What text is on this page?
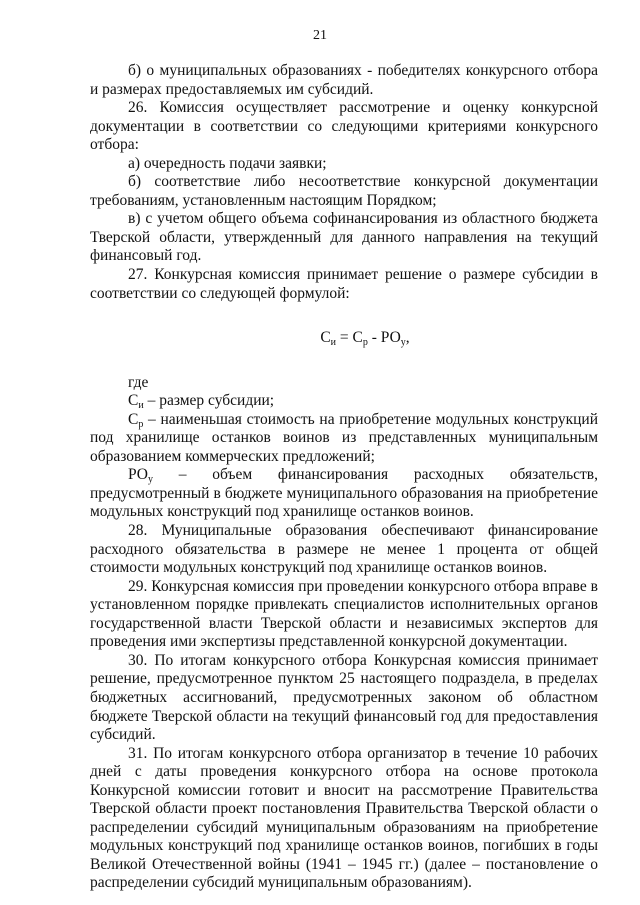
21

б) о муниципальных образованиях - победителях конкурсного отбора и размерах предоставляемых им субсидий.

26. Комиссия осуществляет рассмотрение и оценку конкурсной документации в соответствии со следующими критериями конкурсного отбора:

а) очередность подачи заявки;

б) соответствие либо несоответствие конкурсной документации требованиям, установленным настоящим Порядком;

в) с учетом общего объема софинансирования из областного бюджета Тверской области, утвержденный для данного направления на текущий финансовый год.

27. Конкурсная комиссия принимает решение о размере субсидии в соответствии со следующей формулой:

$С_и = С_р - РО_у$,

где

$С_и$ – размер субсидии;

$С_р$ – наименьшая стоимость на приобретение модульных конструкций под хранилище останков воинов из представленных муниципальным образованием коммерческих предложений;

$РО_у$ – объем финансирования расходных обязательств, предусмотренный в бюджете муниципального образования на приобретение модульных конструкций под хранилище останков воинов.

28. Муниципальные образования обеспечивают финансирование расходного обязательства в размере не менее 1 процента от общей стоимости модульных конструкций под хранилище останков воинов.

29. Конкурсная комиссия при проведении конкурсного отбора вправе в установленном порядке привлекать специалистов исполнительных органов государственной власти Тверской области и независимых экспертов для проведения ими экспертизы представленной конкурсной документации.

30. По итогам конкурсного отбора Конкурсная комиссия принимает решение, предусмотренное пунктом 25 настоящего подраздела, в пределах бюджетных ассигнований, предусмотренных законом об областном бюджете Тверской области на текущий финансовый год для предоставления субсидий.

31. По итогам конкурсного отбора организатор в течение 10 рабочих дней с даты проведения конкурсного отбора на основе протокола Конкурсной комиссии готовит и вносит на рассмотрение Правительства Тверской области проект постановления Правительства Тверской области о распределении субсидий муниципальным образованиям на приобретение модульных конструкций под хранилище останков воинов, погибших в годы Великой Отечественной войны (1941 – 1945 гг.) (далее – постановление о распределении субсидий муниципальным образованиям).
